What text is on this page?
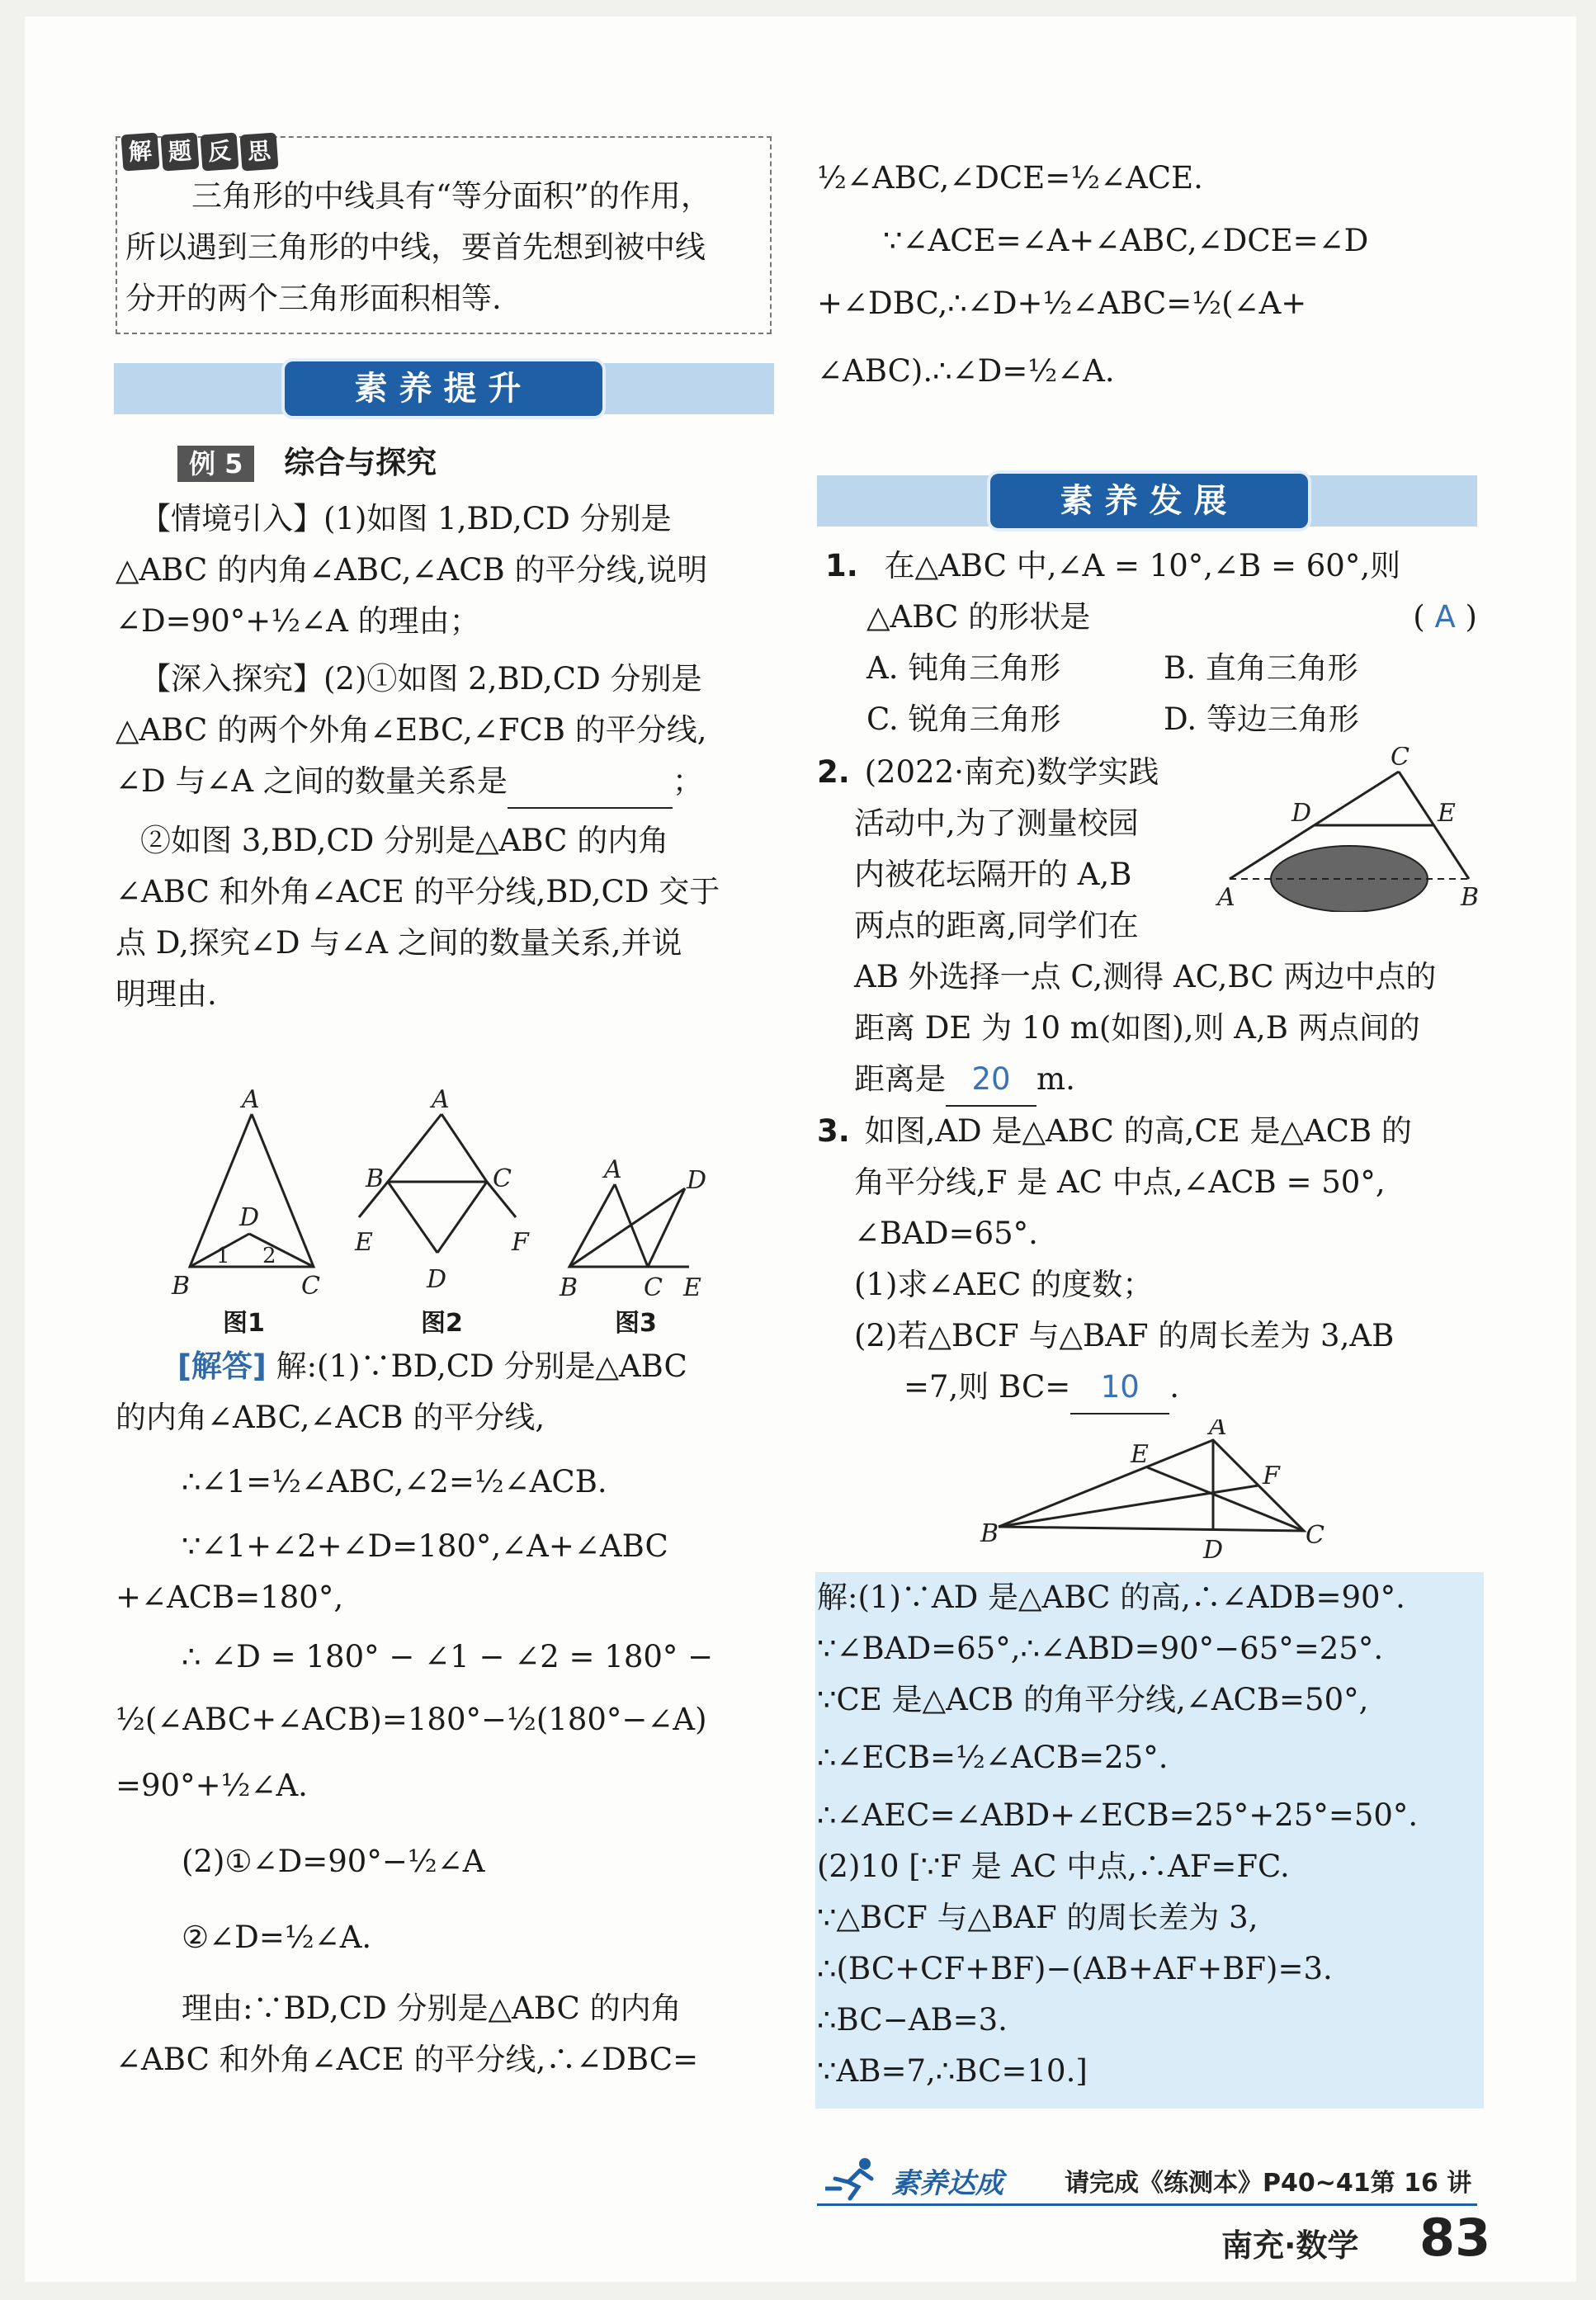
三角形的中线具有“等分面积”的作用，
所以遇到三角形的中线，要首先想到被中线
分开的两个三角形面积相等.
解 题 反 思
素养提升
例 5 综合与探究
【情境引入】(1)如图 1,BD,CD 分别是
△ABC 的内角∠ABC,∠ACB 的平分线,说明
∠D=90°+½∠A 的理由；
【深入探究】(2)①如图 2,BD,CD 分别是
△ABC 的两个外角∠EBC,∠FCB 的平分线,
∠D 与∠A 之间的数量关系是	；
②如图 3,BD,CD 分别是△ABC 的内角
∠ABC 和外角∠ACE 的平分线,BD,CD 交于
点 D,探究∠D 与∠A 之间的数量关系,并说
明理由.
A
D
1 2
B	C
图1
A
B	C
E
D
F
图2
A	D
B	C E
图3
[解答] 解:(1)∵BD,CD 分别是△ABC
的内角∠ABC,∠ACB 的平分线,
∴∠1=½∠ABC,∠2=½∠ACB.
∵∠1+∠2+∠D=180°,∠A+∠ABC
+∠ACB=180°,
∴ ∠D = 180° − ∠1 − ∠2 = 180° −
½(∠ABC+∠ACB)=180°−½(180°−∠A)
=90°+½∠A.
(2)①∠D=90°−½∠A
②∠D=½∠A.
理由:∵BD,CD 分别是△ABC 的内角
∠ABC 和外角∠ACE 的平分线,∴∠DBC=
½∠ABC,∠DCE=½∠ACE.
∵∠ACE=∠A+∠ABC,∠DCE=∠D
+∠DBC,∴∠D+½∠ABC=½(∠A+
∠ABC).∴∠D=½∠A.
素养发展
1. 在△ABC 中,∠A = 10°,∠B = 60°,则
△ABC 的形状是	( A )
A. 钝角三角形	B. 直角三角形
C. 锐角三角形	D. 等边三角形
2. (2022·南充)数学实践
活动中,为了测量校园
内被花坛隔开的 A,B
两点的距离,同学们在
AB 外选择一点 C,测得 AC,BC 两边中点的
距离 DE 为 10 m(如图),则 A,B 两点间的
距离是 20 m.
C
D	E
A	B
3. 如图,AD 是△ABC 的高,CE 是△ACB 的
角平分线,F 是 AC 中点,∠ACB = 50°,
∠BAD=65°.
(1)求∠AEC 的度数；
(2)若△BCF 与△BAF 的周长差为 3,AB
=7,则 BC= 10 .
A
E
F
B
D
C
解:(1)∵AD 是△ABC 的高,∴∠ADB=90°.
∵∠BAD=65°,∴∠ABD=90°−65°=25°.
∵CE 是△ACB 的角平分线,∠ACB=50°,
∴∠ECB=½∠ACB=25°.
∴∠AEC=∠ABD+∠ECB=25°+25°=50°.
(2)10 [∵F 是 AC 中点,∴AF=FC.
∵△BCF 与△BAF 的周长差为 3,
∴(BC+CF+BF)−(AB+AF+BF)=3.
∴BC−AB=3.
∵AB=7,∴BC=10.]
素养达成 请完成《练测本》P40~41第 16 讲
南充·数学 83
